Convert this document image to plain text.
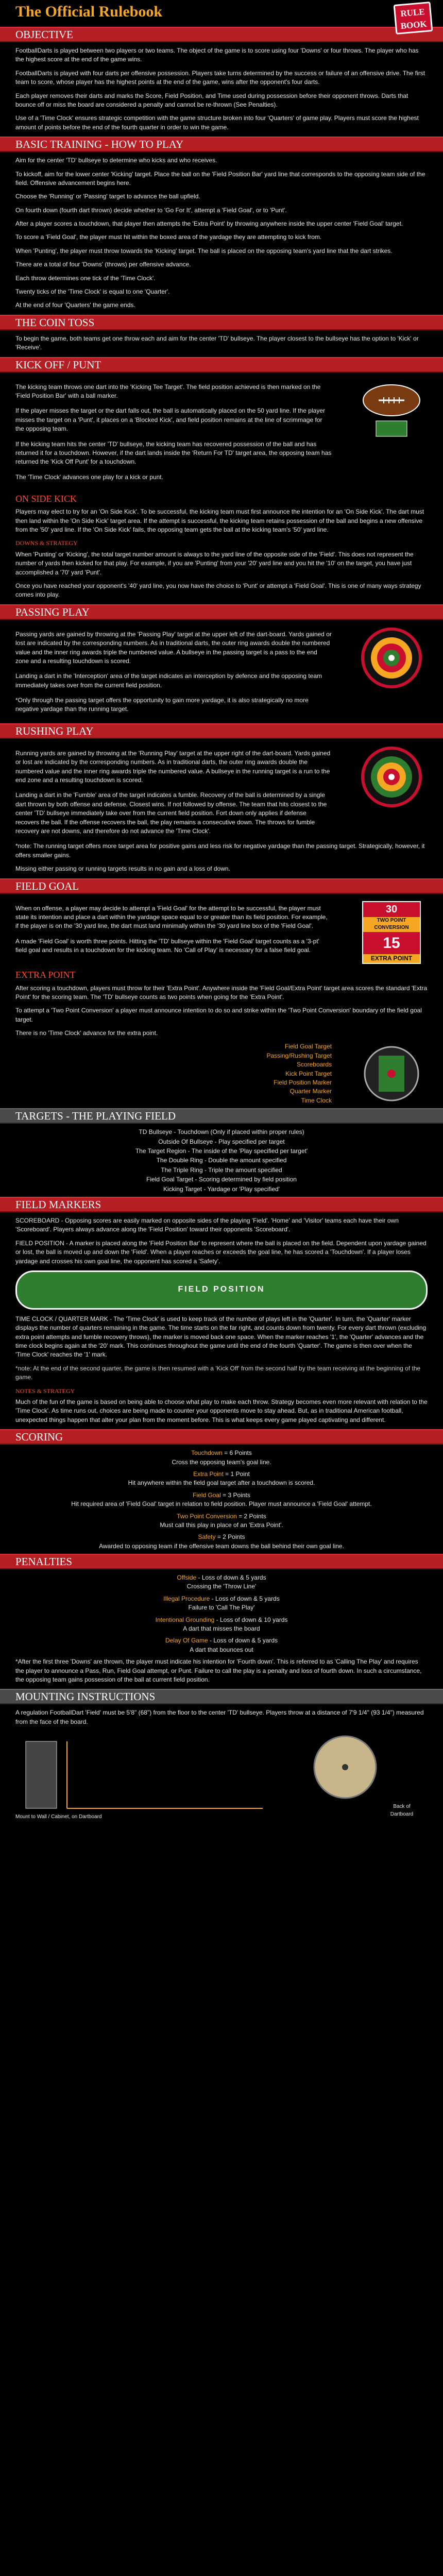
The Official Rulebook	RULE
BOOK
OBJECTIVE

FootballDarts is played between two players or two teams. The object of the game is to score using four 'Downs' or four throws. The player who has the highest score at the end of the game wins.

FootballDarts is played with four darts per offensive possession. Players take turns determined by the success or failure of an offensive drive. The first team to score, whose player has the highest points at the end of the game, wins after the opponent's four darts.

Each player removes their darts and marks the Score, Field Position, and Time used during possession before their opponent throws. Darts that bounce off or miss the board are considered a penalty and cannot be re-thrown (See Penalties).

Use of a 'Time Clock' ensures strategic competition with the game structure broken into four 'Quarters' of game play. Players must score the highest amount of points before the end of the fourth quarter in order to win the game.

BASIC TRAINING - HOW TO PLAY

Aim for the center 'TD' bullseye to determine who kicks and who receives.

To kickoff, aim for the lower center 'Kicking' target. Place the ball on the 'Field Position Bar' yard line that corresponds to the opposing team side of the field. Offensive advancement begins here.

Choose the 'Running' or 'Passing' target to advance the ball upfield.

On fourth down (fourth dart thrown) decide whether to 'Go For It', attempt a 'Field Goal', or to 'Punt'.

After a player scores a touchdown, that player then attempts the 'Extra Point' by throwing anywhere inside the upper center 'Field Goal' target.

To score a 'Field Goal', the player must hit within the boxed area of the yardage they are attempting to kick from.

When 'Punting', the player must throw towards the 'Kicking' target. The ball is placed on the opposing team's yard line that the dart strikes.

There are a total of four 'Downs' (throws) per offensive advance.

Each throw determines one tick of the 'Time Clock'.

Twenty ticks of the 'Time Clock' is equal to one 'Quarter'.

At the end of four 'Quarters' the game ends.

THE COIN TOSS

To begin the game, both teams get one throw each and aim for the center 'TD' bullseye. The player closest to the bullseye has the option to 'Kick' or 'Receive'.

KICK OFF / PUNT

The kicking team throws one dart into the 'Kicking Tee Target'. The field position achieved is then marked on the 'Field Position Bar' with a ball marker.

If the player misses the target or the dart falls out, the ball is automatically placed on the 50 yard line. If the player misses the target on a 'Punt', it places on a 'Blocked Kick', and field position remains at the line of scrimmage for the opposing team.

If the kicking team hits the center 'TD' bullseye, the kicking team has recovered possession of the ball and has returned it for a touchdown. However, if the dart lands inside the 'Return For TD' target area, the opposing team has returned the 'Kick Off Punt' for a touchdown.

The 'Time Clock' advances one play for a kick or punt.

ON SIDE KICK

Players may elect to try for an 'On Side Kick'. To be successful, the kicking team must first announce the intention for an 'On Side Kick'. The dart must then land within the 'On Side Kick' target area. If the attempt is successful, the kicking team retains possession of the ball and begins a new offensive from the '50' yard line. If the 'On Side Kick' fails, the opposing team gets the ball at the kicking team's '50' yard line.

DOWNS & STRATEGY

When 'Punting' or 'Kicking', the total target number amount is always to the yard line of the opposite side of the 'Field'. This does not represent the number of yards then kicked for that play. For example, if you are 'Punting' from your '20' yard line and you hit the '10' on the target, you have just accomplished a '70' yard 'Punt'.

Once you have reached your opponent's '40' yard line, you now have the choice to 'Punt' or attempt a 'Field Goal'. This is one of many ways strategy comes into play.

PASSING PLAY

Passing yards are gained by throwing at the 'Passing Play' target at the upper left of the dart-board. Yards gained or lost are indicated by the corresponding numbers. As in traditional darts, the outer ring awards double the numbered value and the inner ring awards triple the numbered value. A bullseye in the passing target is a pass to the end zone and a resulting touchdown is scored.

Landing a dart in the 'Interception' area of the target indicates an interception by defence and the opposing team immediately takes over from the current field position.

*Only through the passing target offers the opportunity to gain more yardage, it is also strategically no more negative yardage than the running target.

RUSHING PLAY

Running yards are gained by throwing at the 'Running Play' target at the upper right of the dart-board. Yards gained or lost are indicated by the corresponding numbers. As in traditional darts, the outer ring awards double the numbered value and the inner ring awards triple the numbered value. A bullseye in the running target is a run to the end zone and a resulting touchdown is scored.

Landing a dart in the 'Fumble' area of the target indicates a fumble. Recovery of the ball is determined by a single dart thrown by both offense and defense. Closest wins. If not followed by offense. The team that hits closest to the center 'TD' bullseye immediately take over from the current field position. Fort down only applies if defense recovers the ball. If the offense recovers the ball, the play remains a consecutive down. The throws for fumble recovery are not downs, and therefore do not advance the 'Time Clock'.

*note: The running target offers more target area for positive gains and less risk for negative yardage than the passing target. Strategically, however, it offers smaller gains.

Missing either passing or running targets results in no gain and a loss of down.

FIELD GOAL

When on offense, a player may decide to attempt a 'Field Goal' for the attempt to be successful, the player must state its intention and place a dart within the yardage space equal to or greater than its field position. For example, if the player is on the '30 yard line, the dart must land minimally within the '30 yard line box of the 'Field Goal'.

A made 'Field Goal' is worth three points. Hitting the 'TD' bullseye within the 'Field Goal' target counts as a '3-pt' field goal and results in a touchdown for the kicking team. No 'Call of Play' is necessary for a false field goal.

30
TWO POINT CONVERSION
15
EXTRA POINT
EXTRA POINT

After scoring a touchdown, players must throw for their 'Extra Point'. Anywhere inside the 'Field Goal/Extra Point' target area scores the standard 'Extra Point' for the scoring team. The 'TD' bullseye counts as two points when going for the 'Extra Point'.

To attempt a 'Two Point Conversion' a player must announce intention to do so and strike within the 'Two Point Conversion' boundary of the field goal target.

There is no 'Time Clock' advance for the extra point.

Field Goal Target
Passing/Rushing Target
Scoreboards
Kick Point Target
Field Position Marker
Quarter Marker
Time Clock
TARGETS - THE PLAYING FIELD
TD Bullseye - Touchdown (Only if placed within proper rules)
Outside Of Bullseye - Play specified per target
The Target Region - The inside of the 'Play specified per target'
The Double Ring - Double the amount specified
The Triple Ring - Triple the amount specified
Field Goal Target - Scoring determined by field position
Kicking Target - Yardage or 'Play specified'
FIELD MARKERS

SCOREBOARD - Opposing scores are easily marked on opposite sides of the playing 'Field'. 'Home' and 'Visitor' teams each have their own 'Scoreboard'. Players always advance along the 'Field Position' toward their opponents 'Scoreboard'.

FIELD POSITION - A marker is placed along the 'Field Position Bar' to represent where the ball is placed on the field. Dependent upon yardage gained or lost, the ball is moved up and down the 'Field'. When a player reaches or exceeds the goal line, he has scored a 'Touchdown'. If a player loses yardage and crosses his own goal line, the opponent has scored a 'Safety'.

FIELD POSITION

TIME CLOCK / QUARTER MARK - The 'Time Clock' is used to keep track of the number of plays left in the 'Quarter'. In turn, the 'Quarter' marker displays the number of quarters remaining in the game. The time starts on the far right, and counts down from twenty. For every dart thrown (excluding extra point attempts and fumble recovery throws), the marker is moved back one space. When the marker reaches '1', the 'Quarter' advances and the time clock begins again at the '20' mark. This continues throughout the game until the end of the fourth 'Quarter'. The game is then over when the 'Time Clock' reaches the '1' mark.

*note: At the end of the second quarter, the game is then resumed with a 'Kick Off' from the second half by the team receiving at the beginning of the game.

NOTES & STRATEGY

Much of the fun of the game is based on being able to choose what play to make each throw. Strategy becomes even more relevant with relation to the 'Time Clock'. As time runs out, choices are being made to counter your opponents move to stay ahead. But, as in traditional American football, unexpected things happen that alter your plan from the moment before. This is what keeps every game played captivating and different.

SCORING
Touchdown = 6 Points
Cross the opposing team's goal line.
Extra Point = 1 Point
Hit anywhere within the field goal target after a touchdown is scored.
Field Goal = 3 Points
Hit required area of 'Field Goal' target in relation to field position. Player must announce a 'Field Goal' attempt.
Two Point Conversion = 2 Points
Must call this play in place of an 'Extra Point'.
Safety = 2 Points
Awarded to opposing team if the offensive team downs the ball behind their own goal line.
PENALTIES
Offside - Loss of down & 5 yards
Crossing the 'Throw Line'
Illegal Procedure - Loss of down & 5 yards
Failure to 'Call The Play'
Intentional Grounding - Loss of down & 10 yards
A dart that misses the board
Delay Of Game - Loss of down & 5 yards
A dart that bounces out

*After the first three 'Downs' are thrown, the player must indicate his intention for 'Fourth down'. This is referred to as 'Calling The Play' and requires the player to announce a Pass, Run, Field Goal attempt, or Punt. Failure to call the play is a penalty and loss of fourth down. In such a circumstance, the opposing team gains possession of the ball at current field position.

MOUNTING INSTRUCTIONS

A regulation FootballDart 'Field' must be 5'8" (68") from the floor to the center 'TD' bullseye. Players throw at a distance of 7'9 1/4" (93 1/4") measured from the face of the board.

Back of Dartboard
Mount to Wall / Cabinet, on Dartboard
